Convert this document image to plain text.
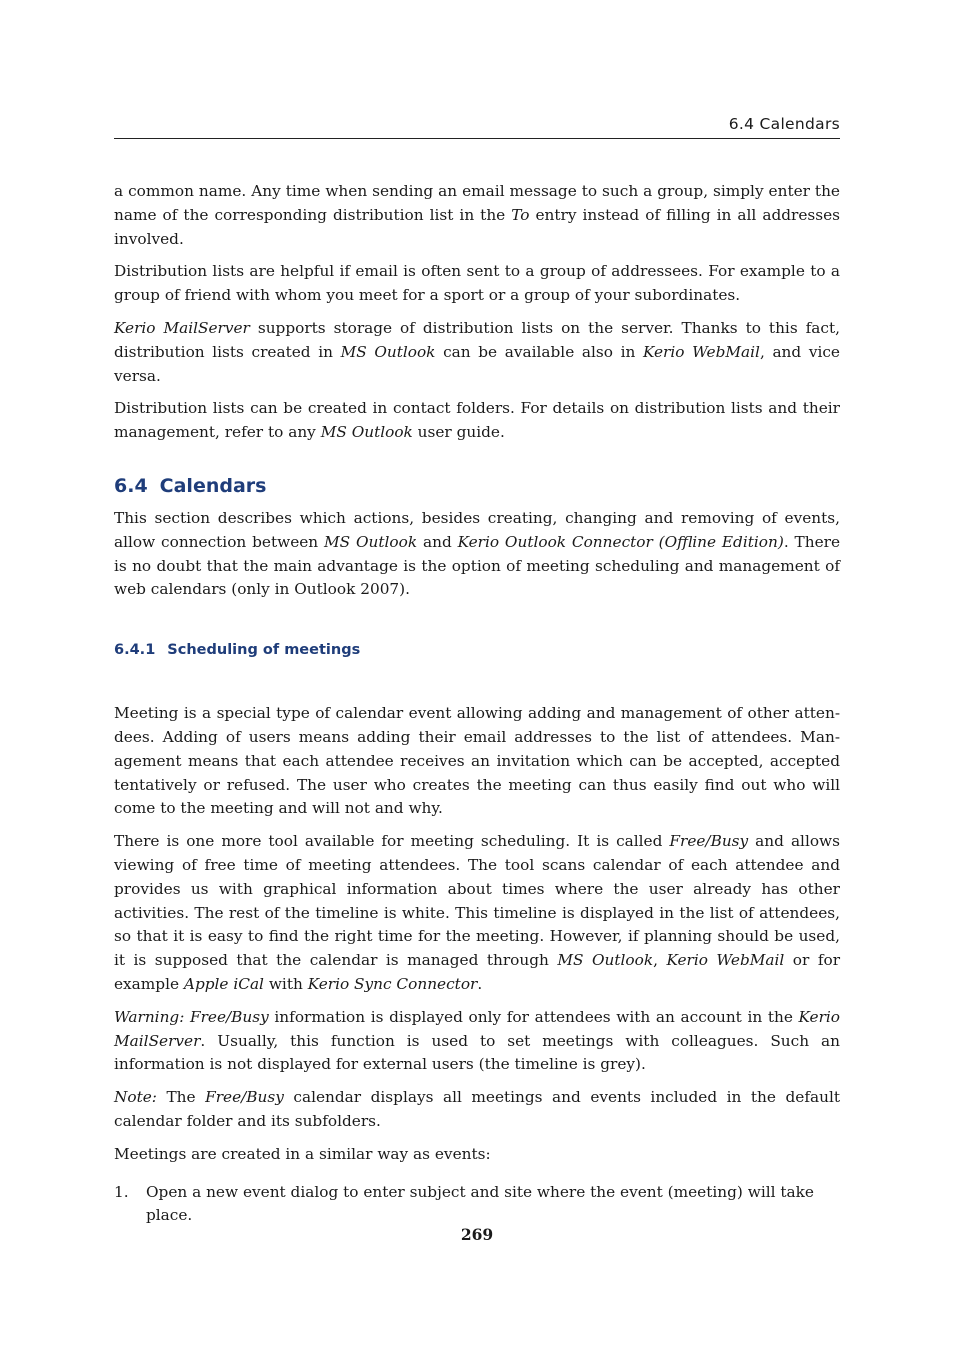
6.4 Calendars

a common name. Any time when sending an email message to such a group, simply enter the name of the corresponding distribution list in the To entry instead of filling in all addresses involved.

Distribution lists are helpful if email is often sent to a group of addressees. For example to a group of friend with whom you meet for a sport or a group of your subordinates.

Kerio MailServer supports storage of distribution lists on the server. Thanks to this fact, distribution lists created in MS Outlook can be available also in Kerio WebMail, and vice versa.

Distribution lists can be created in contact folders. For details on distribution lists and their management, refer to any MS Outlook user guide.

6.4 Calendars

This section describes which actions, besides creating, changing and removing of events, allow connection between MS Outlook and Kerio Outlook Connector (Offline Edition). There is no doubt that the main advantage is the option of meeting scheduling and management of web calendars (only in Outlook 2007).

6.4.1 Scheduling of meetings

Meeting is a special type of calendar event allowing adding and management of other attendees. Adding of users means adding their email addresses to the list of attendees. Management means that each attendee receives an invitation which can be accepted, accepted tentatively or refused. The user who creates the meeting can thus easily find out who will come to the meeting and will not and why.

There is one more tool available for meeting scheduling. It is called Free/Busy and allows viewing of free time of meeting attendees. The tool scans calendar of each attendee and provides us with graphical information about times where the user already has other activities. The rest of the timeline is white. This timeline is displayed in the list of attendees, so that it is easy to find the right time for the meeting. However, if planning should be used, it is supposed that the calendar is managed through MS Outlook, Kerio WebMail or for example Apple iCal with Kerio Sync Connector.

Warning: Free/Busy information is displayed only for attendees with an account in the Kerio MailServer. Usually, this function is used to set meetings with colleagues. Such an information is not displayed for external users (the timeline is grey).

Note: The Free/Busy calendar displays all meetings and events included in the default calendar folder and its subfolders.

Meetings are created in a similar way as events:

1. Open a new event dialog to enter subject and site where the event (meeting) will take place.
269
